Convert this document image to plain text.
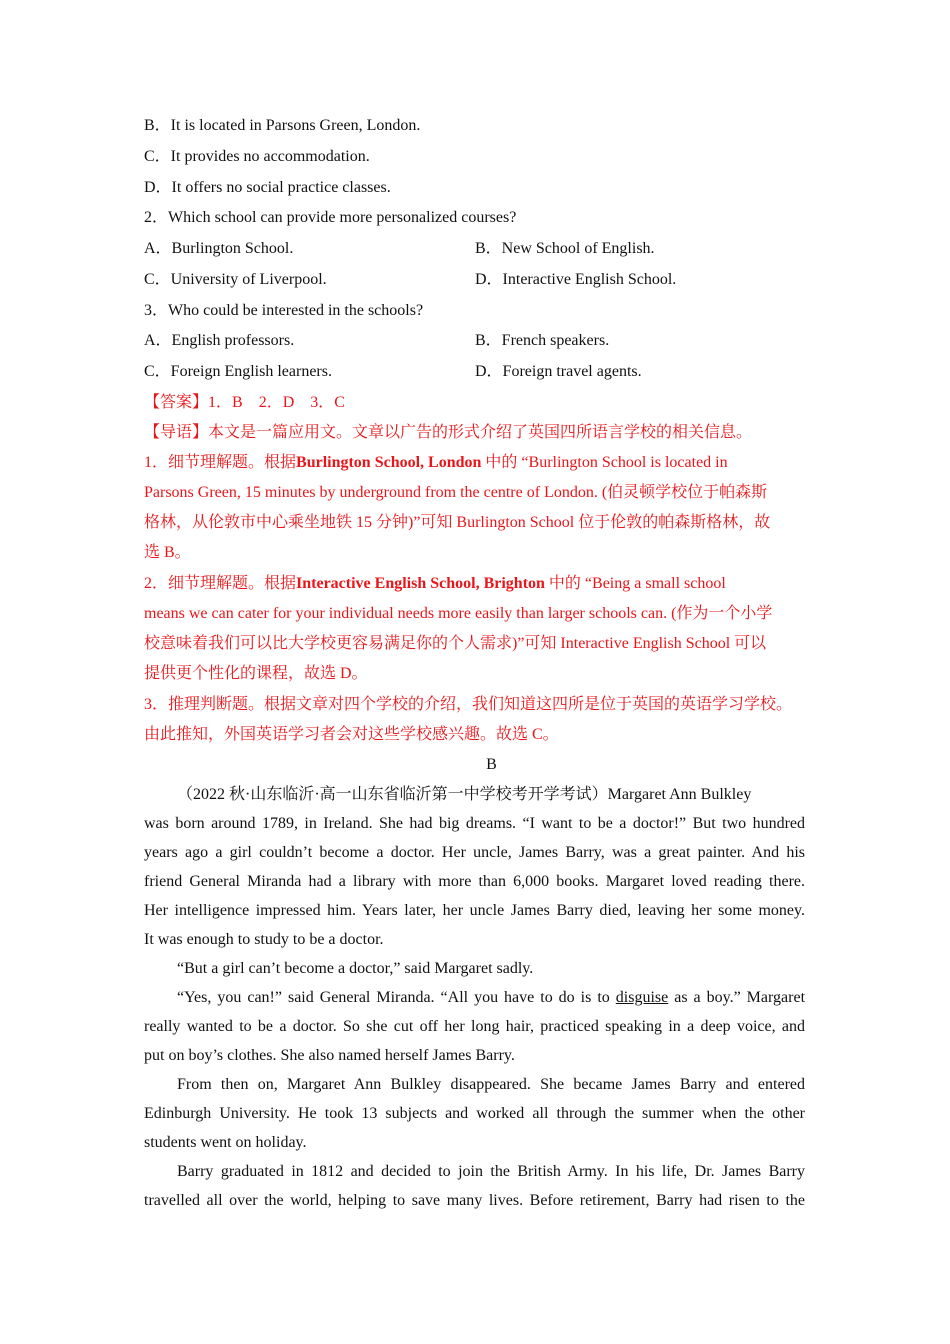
B．It is located in Parsons Green, London.
C．It provides no accommodation.
D．It offers no social practice classes.
2．Which school can provide more personalized courses?
A．Burlington School.	B．New School of English.
C．University of Liverpool.	D．Interactive English School.
3．Who could be interested in the schools?
A．English professors.	B．French speakers.
C．Foreign English learners.	D．Foreign travel agents.
【答案】1．B　2．D　3．C
【导语】本文是一篇应用文。文章以广告的形式介绍了英国四所语言学校的相关信息。
1．细节理解题。根据Burlington School, London 中的 “Burlington School is located in
Parsons Green, 15 minutes by underground from the centre of London. (伯灵顿学校位于帕森斯
格林，从伦敦市中心乘坐地铁 15 分钟)”可知 Burlington School 位于伦敦的帕森斯格林，故
选 B。
2．细节理解题。根据Interactive English School, Brighton 中的 “Being a small school
means we can cater for your individual needs more easily than larger schools can. (作为一个小学
校意味着我们可以比大学校更容易满足你的个人需求)”可知 Interactive English School 可以
提供更个性化的课程，故选 D。
3．推理判断题。根据文章对四个学校的介绍，我们知道这四所是位于英国的英语学习学校。
由此推知，外国英语学习者会对这些学校感兴趣。故选 C。
B
（2022 秋·山东临沂·高一山东省临沂第一中学校考开学考试）Margaret Ann Bulkley
was born around 1789, in Ireland. She had big dreams. “I want to be a doctor!” But two hundred
years ago a girl couldn’t become a doctor. Her uncle, James Barry, was a great painter. And his
friend General Miranda had a library with more than 6,000 books. Margaret loved reading there.
Her intelligence impressed him. Years later, her uncle James Barry died, leaving her some money.
It was enough to study to be a doctor.
“But a girl can’t become a doctor,” said Margaret sadly.
“Yes, you can!” said General Miranda. “All you have to do is to disguise as a boy.” Margaret
really wanted to be a doctor. So she cut off her long hair, practiced speaking in a deep voice, and
put on boy’s clothes. She also named herself James Barry.
From then on, Margaret Ann Bulkley disappeared. She became James Barry and entered
Edinburgh University. He took 13 subjects and worked all through the summer when the other
students went on holiday.
Barry graduated in 1812 and decided to join the British Army. In his life, Dr. James Barry
travelled all over the world, helping to save many lives. Before retirement, Barry had risen to the
